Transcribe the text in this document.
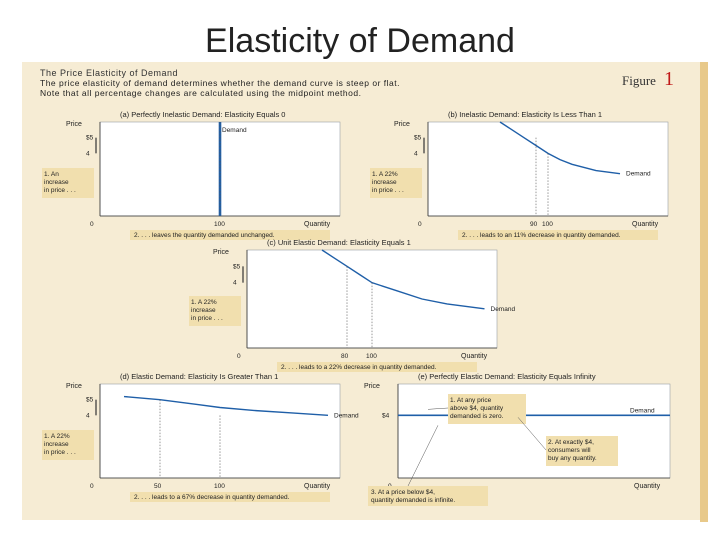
Elasticity of Demand
The Price Elasticity of Demand
The price elasticity of demand determines whether the demand curve is steep or flat.
Note that all percentage changes are calculated using the midpoint method.
Figure 1
(a) Perfectly Inelastic Demand: Elasticity Equals 0
Price
Quantity
0
$5
4
Demand
100
1. An
increase
in price . . .
2. . . . leaves the quantity demanded unchanged.
(b) Inelastic Demand: Elasticity Is Less Than 1
Price
Quantity
0
$5
4
Demand
90 100
1. A 22%
increase
in price . . .
2. . . . leads to an 11% decrease in quantity demanded.
(c) Unit Elastic Demand: Elasticity Equals 1
Price
Quantity
0
$5
4
Demand
80	100
1. A 22%
increase
in price . . .
2. . . . leads to a 22% decrease in quantity demanded.
(d) Elastic Demand: Elasticity Is Greater Than 1
Price
Quantity
0
$5
4	Demand
50	100
1. A 22%
increase
in price . . .
2. . . . leads to a 67% decrease in quantity demanded.
(e) Perfectly Elastic Demand: Elasticity Equals Infinity
Price
Quantity
$4
Demand
1. At any price
above $4, quantity
demanded is zero.
2. At exactly $4,
consumers will
buy any quantity.
3. At a price below $4,
quantity demanded is infinite.
